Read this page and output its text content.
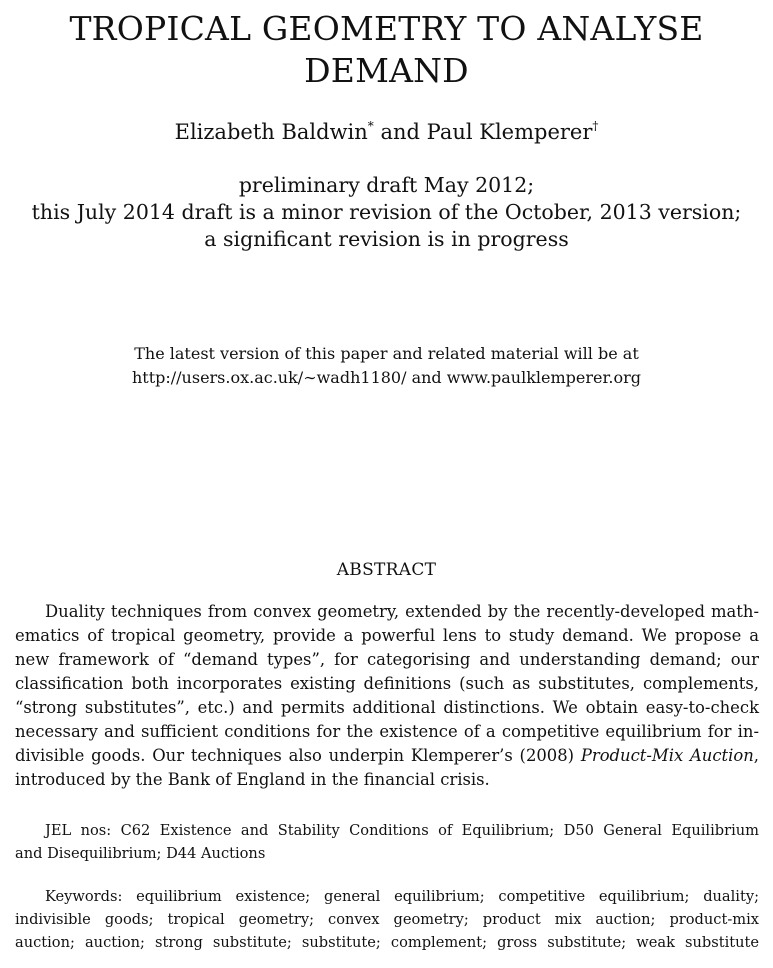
TROPICAL GEOMETRY TO ANALYSE
DEMAND
Elizabeth Baldwin* and Paul Klemperer†
preliminary draft May 2012;
this July 2014 draft is a minor revision of the October, 2013 version;
a significant revision is in progress
The latest version of this paper and related material will be at
http://users.ox.ac.uk/∼wadh1180/ and www.paulklemperer.org
ABSTRACT
Duality techniques from convex geometry, extended by the recently-developed math-
ematics of tropical geometry, provide a powerful lens to study demand. We propose a
new framework of “demand types”, for categorising and understanding demand; our
classification both incorporates existing definitions (such as substitutes, complements,
“strong substitutes”, etc.) and permits additional distinctions. We obtain easy-to-check
necessary and sufficient conditions for the existence of a competitive equilibrium for in-
divisible goods. Our techniques also underpin Klemperer’s (2008) Product-Mix Auction,
introduced by the Bank of England in the financial crisis.
JEL nos: C62 Existence and Stability Conditions of Equilibrium; D50 General Equilibrium
and Disequilibrium; D44 Auctions
Keywords: equilibrium existence; general equilibrium; competitive equilibrium; duality;
indivisible goods; tropical geometry; convex geometry; product mix auction; product-mix
auction; auction; strong substitute; substitute; complement; gross substitute; weak substitute
